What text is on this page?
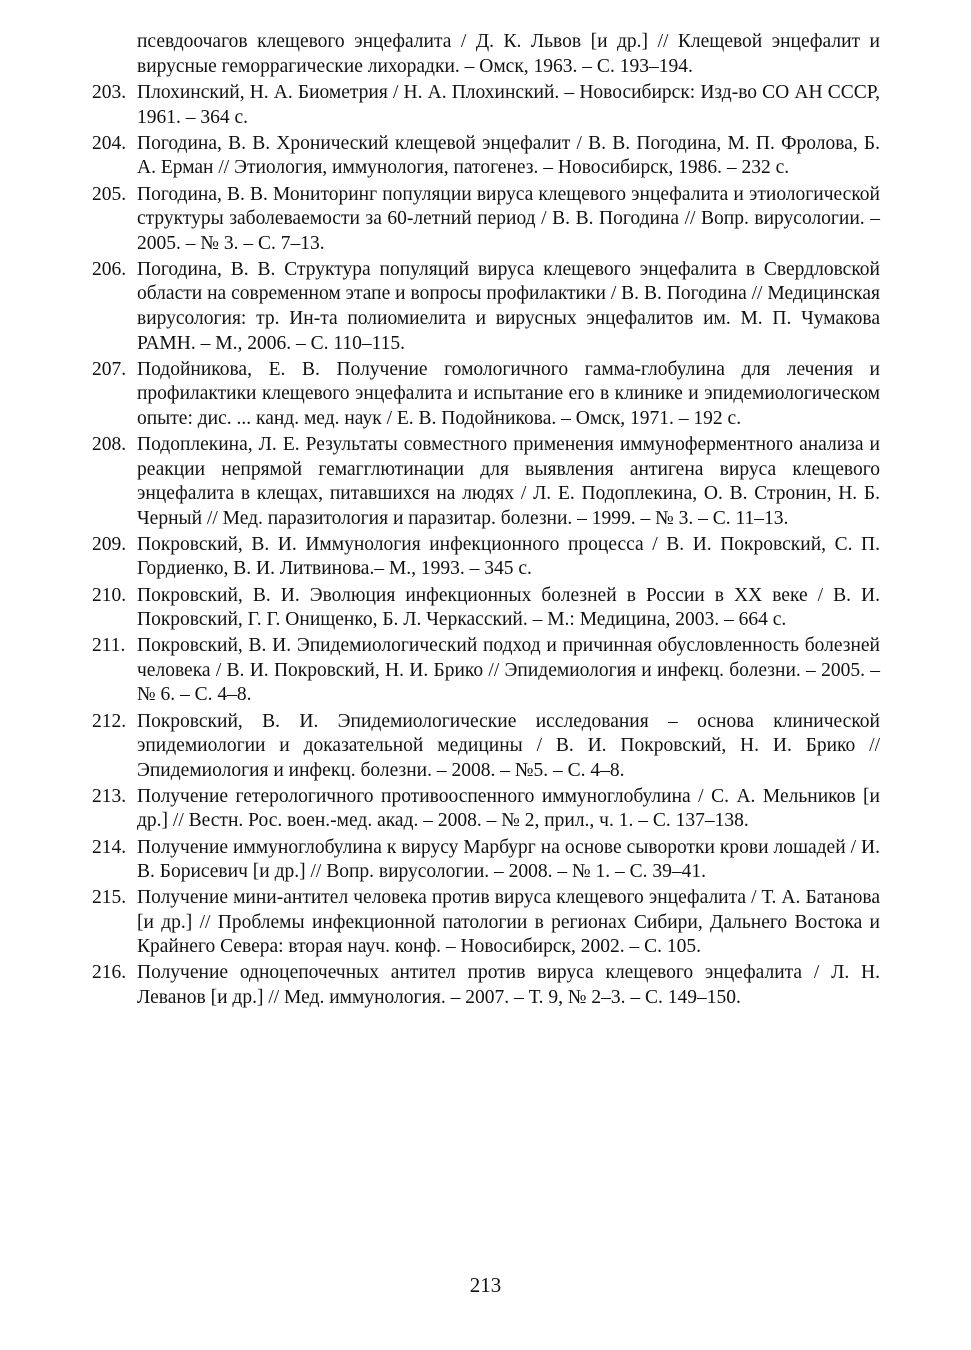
псевдоочагов клещевого энцефалита / Д. К. Львов [и др.] // Клещевой энцефалит и вирусные геморрагические лихорадки. – Омск, 1963. – С. 193–194.

203. Плохинский, Н. А. Биометрия / Н. А. Плохинский. – Новосибирск: Изд-во СО АН СССР, 1961. – 364 с.
204. Погодина, В. В. Хронический клещевой энцефалит / В. В. Погодина, М. П. Фролова, Б. А. Ерман // Этиология, иммунология, патогенез. – Новосибирск, 1986. – 232 с.
205. Погодина, В. В. Мониторинг популяции вируса клещевого энцефалита и этиологической структуры заболеваемости за 60-летний период / В. В. Погодина // Вопр. вирусологии. – 2005. – № 3. – С. 7–13.
206. Погодина, В. В. Структура популяций вируса клещевого энцефалита в Свердловской области на современном этапе и вопросы профилактики / В. В. Погодина // Медицинская вирусология: тр. Ин-та полиомиелита и вирусных энцефалитов им. М. П. Чумакова РАМН. – М., 2006. – С. 110–115.
207. Подойникова, Е. В. Получение гомологичного гамма-глобулина для лечения и профилактики клещевого энцефалита и испытание его в клинике и эпидемиологическом опыте: дис. ... канд. мед. наук / Е. В. Подойникова. – Омск, 1971. – 192 с.
208. Подоплекина, Л. Е. Результаты совместного применения иммуноферментного анализа и реакции непрямой гемагглютинации для выявления антигена вируса клещевого энцефалита в клещах, питавшихся на людях / Л. Е. Подоплекина, О. В. Стронин, Н. Б. Черный // Мед. паразитология и паразитар. болезни. – 1999. – № 3. – С. 11–13.
209. Покровский, В. И. Иммунология инфекционного процесса / В. И. Покровский, С. П. Гордиенко, В. И. Литвинова.– М., 1993. – 345 с.
210. Покровский, В. И. Эволюция инфекционных болезней в России в XX веке / В. И. Покровский, Г. Г. Онищенко, Б. Л. Черкасский. – М.: Медицина, 2003. – 664 с.
211. Покровский, В. И. Эпидемиологический подход и причинная обусловленность болезней человека / В. И. Покровский, Н. И. Брико // Эпидемиология и инфекц. болезни. – 2005. – № 6. – С. 4–8.
212. Покровский, В. И. Эпидемиологические исследования – основа клинической эпидемиологии и доказательной медицины / В. И. Покровский, Н. И. Брико // Эпидемиология и инфекц. болезни. – 2008. – №5. – С. 4–8.
213. Получение гетерологичного противооспенного иммуноглобулина / С. А. Мельников [и др.] // Вестн. Рос. воен.-мед. акад. – 2008. – № 2, прил., ч. 1. – С. 137–138.
214. Получение иммуноглобулина к вирусу Марбург на основе сыворотки крови лошадей / И. В. Борисевич [и др.] // Вопр. вирусологии. – 2008. – № 1. – С. 39–41.
215. Получение мини-антител человека против вируса клещевого энцефалита / Т. А. Батанова [и др.] // Проблемы инфекционной патологии в регионах Сибири, Дальнего Востока и Крайнего Севера: вторая науч. конф. – Новосибирск, 2002. – С. 105.
216. Получение одноцепочечных антител против вируса клещевого энцефалита / Л. Н. Леванов [и др.] // Мед. иммунология. – 2007. – Т. 9, № 2–3. – С. 149–150.
213
